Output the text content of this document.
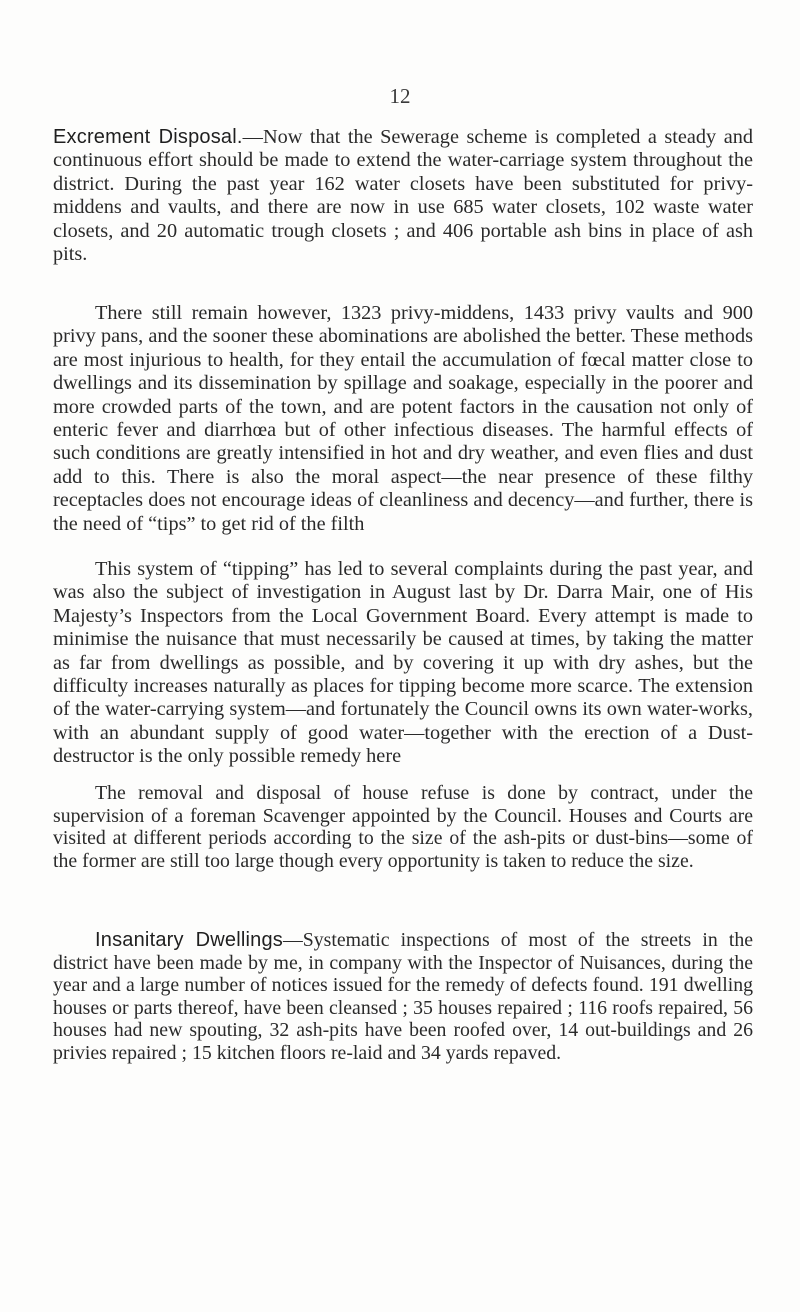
12

Excrement Disposal.—Now that the Sewerage scheme is completed a steady and continuous effort should be made to extend the water-carriage system throughout the district. During the past year 162 water closets have been substituted for privy-middens and vaults, and there are now in use 685 water closets, 102 waste water closets, and 20 automatic trough closets ; and 406 portable ash bins in place of ash pits.

There still remain however, 1323 privy-middens, 1433 privy vaults and 900 privy pans, and the sooner these abominations are abolished the better. These methods are most injurious to health, for they entail the accumulation of fœcal matter close to dwellings and its dissemination by spillage and soakage, especially in the poorer and more crowded parts of the town, and are potent factors in the causation not only of enteric fever and diarrhœa but of other infectious diseases. The harmful effects of such conditions are greatly intensified in hot and dry weather, and even flies and dust add to this. There is also the moral aspect—the near presence of these filthy receptacles does not encourage ideas of cleanliness and decency—and further, there is the need of “tips” to get rid of the filth

This system of “tipping” has led to several complaints during the past year, and was also the subject of investigation in August last by Dr. Darra Mair, one of His Majesty’s Inspectors from the Local Government Board. Every attempt is made to minimise the nuisance that must necessarily be caused at times, by taking the matter as far from dwellings as possible, and by covering it up with dry ashes, but the difficulty increases naturally as places for tipping become more scarce. The extension of the water-carrying system—and fortunately the Council owns its own water-works, with an abundant supply of good water—together with the erection of a Dust-destructor is the only possible remedy here

The removal and disposal of house refuse is done by contract, under the supervision of a foreman Scavenger appointed by the Council. Houses and Courts are visited at different periods according to the size of the ash-pits or dust-bins—some of the former are still too large though every opportunity is taken to reduce the size.

Insanitary Dwellings—Systematic inspections of most of the streets in the district have been made by me, in company with the Inspector of Nuisances, during the year and a large number of notices issued for the remedy of defects found. 191 dwelling houses or parts thereof, have been cleansed ; 35 houses repaired ; 116 roofs repaired, 56 houses had new spouting, 32 ash-pits have been roofed over, 14 out-buildings and 26 privies repaired ; 15 kitchen floors re-laid and 34 yards repaved.
